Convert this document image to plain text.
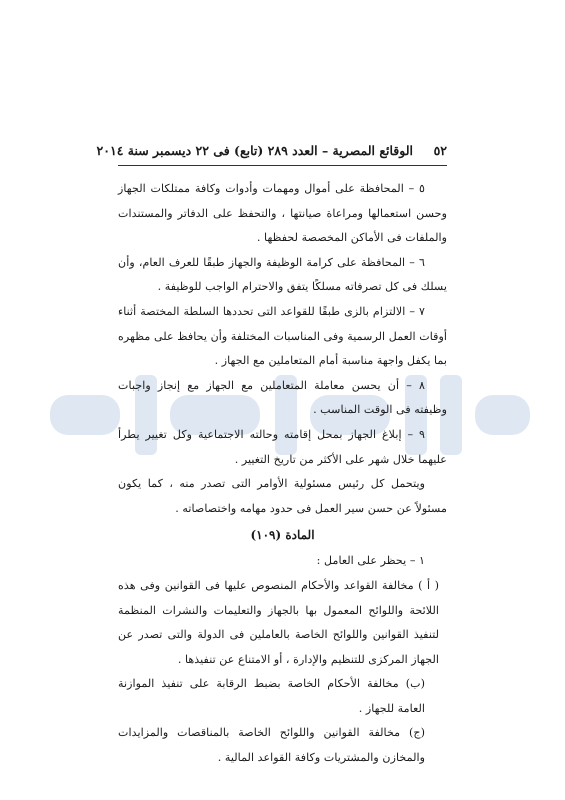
٥٢
الوقائع المصرية – العدد ٢٨٩ (تابع) فى ٢٢ ديسمبر سنة ٢٠١٤

٥ – المحافظة على أموال ومهمات وأدوات وكافة ممتلكات الجهاز وحسن استعمالها ومراعاة صيانتها ، والتحفظ على الدفاتر والمستندات والملفات فى الأماكن المخصصة لحفظها .

٦ – المحافظة على كرامة الوظيفة والجهاز طبقًا للعرف العام، وأن يسلك فى كل تصرفاته مسلكًا يتفق والاحترام الواجب للوظيفة .

٧ – الالتزام بالزى طبقًا للقواعد التى تحددها السلطة المختصة أثناء أوقات العمل الرسمية وفى المناسبات المختلفة وأن يحافظ على مظهره بما يكفل واجهة مناسبة أمام المتعاملين مع الجهاز .

٨ – أن يحسن معاملة المتعاملين مع الجهاز مع إنجاز واجبات وظيفته فى الوقت المناسب .

٩ – إبلاغ الجهاز بمحل إقامته وحالته الاجتماعية وكل تغيير يطرأ عليهما خلال شهر على الأكثر من تاريخ التغيير .

ويتحمل كل رئيس مسئولية الأوامر التى تصدر منه ، كما يكون مسئولاً عن حسن سير العمل فى حدود مهامه واختصاصاته .

المادة (١٠٩)

١ – يحظر على العامل :

( أ ) مخالفة القواعد والأحكام المنصوص عليها فى القوانين وفى هذه اللائحة واللوائح المعمول بها بالجهاز والتعليمات والنشرات المنظمة لتنفيذ القوانين واللوائح الخاصة بالعاملين فى الدولة والتى تصدر عن الجهاز المركزى للتنظيم والإدارة ، أو الامتناع عن تنفيذها .

(ب) مخالفة الأحكام الخاصة بضبط الرقابة على تنفيذ الموازنة العامة للجهاز .

(ج) مخالفة القوانين واللوائح الخاصة بالمناقصات والمزايدات والمخازن والمشتريات وكافة القواعد المالية .
